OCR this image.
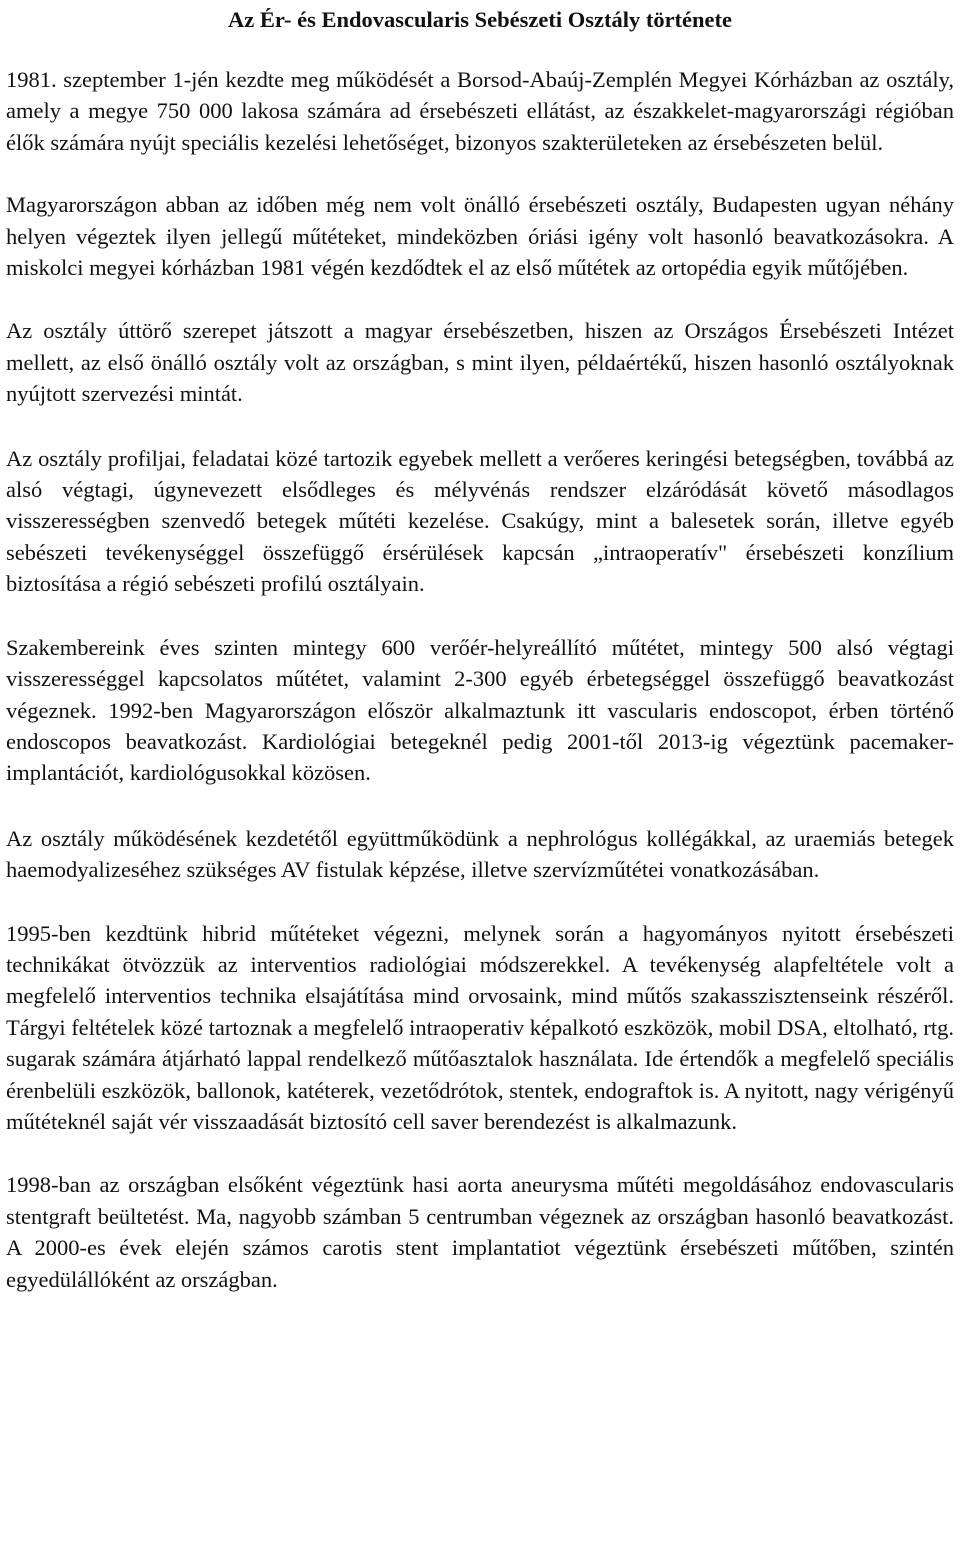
Az Ér- és Endovascularis Sebészeti Osztály története

1981. szeptember 1-jén kezdte meg működését a Borsod-Abaúj-Zemplén Megyei Kórházban az osztály, amely a megye 750 000 lakosa számára ad érsebészeti ellátást, az északkelet-magyarországi régióban élők számára nyújt speciális kezelési lehetőséget, bizonyos szakterületeken az érsebészeten belül.

Magyarországon abban az időben még nem volt önálló érsebészeti osztály, Budapesten ugyan néhány helyen végeztek ilyen jellegű műtéteket, mindeközben óriási igény volt hasonló beavatkozásokra. A miskolci megyei kórházban 1981 végén kezdődtek el az első műtétek az ortopédia egyik műtőjében.

Az osztály úttörő szerepet játszott a magyar érsebészetben, hiszen az Országos Érsebészeti Intézet mellett, az első önálló osztály volt az országban, s mint ilyen, példaértékű, hiszen hasonló osztályoknak nyújtott szervezési mintát.

Az osztály profiljai, feladatai közé tartozik egyebek mellett a verőeres keringési betegségben, továbbá az alsó végtagi, úgynevezett elsődleges és mélyvénás rendszer elzáródását követő másodlagos visszerességben szenvedő betegek műtéti kezelése. Csakúgy, mint a balesetek során, illetve egyéb sebészeti tevékenységgel összefüggő érsérülések kapcsán „intraoperatív" érsebészeti konzílium biztosítása a régió sebészeti profilú osztályain.

Szakembereink éves szinten mintegy 600 verőér-helyreállító műtétet, mintegy 500 alsó végtagi visszerességgel kapcsolatos műtétet, valamint 2-300 egyéb érbetegséggel összefüggő beavatkozást végeznek. 1992-ben Magyarországon először alkalmaztunk itt vascularis endoscopot, érben történő endoscopos beavatkozást. Kardiológiai betegeknél pedig 2001-től 2013-ig végeztünk pacemaker-implantációt, kardiológusokkal közösen.

Az osztály működésének kezdetétől együttműködünk a nephrológus kollégákkal, az uraemiás betegek haemodyalizeséhez szükséges AV fistulak képzése, illetve szervízműtétei vonatkozásában.

1995-ben kezdtünk hibrid műtéteket végezni, melynek során a hagyományos nyitott érsebészeti technikákat ötvözzük az interventios radiológiai módszerekkel. A tevékenység alapfeltétele volt a megfelelő interventios technika elsajátítása mind orvosaink, mind műtős szakasszisztenseink részéről. Tárgyi feltételek közé tartoznak a megfelelő intraoperativ képalkotó eszközök, mobil DSA, eltolható, rtg. sugarak számára átjárható lappal rendelkező műtőasztalok használata. Ide értendők a megfelelő speciális érenbelüli eszközök, ballonok, katéterek, vezetődrótok, stentek, endograftok is. A nyitott, nagy vérigényű műtéteknél saját vér visszaadását biztosító cell saver berendezést is alkalmazunk.

1998-ban az országban elsőként végeztünk hasi aorta aneurysma műtéti megoldásához endovascularis stentgraft beültetést. Ma, nagyobb számban 5 centrumban végeznek az országban hasonló beavatkozást. A 2000-es évek elején számos carotis stent implantatiot végeztünk érsebészeti műtőben, szintén egyedülállóként az országban.
